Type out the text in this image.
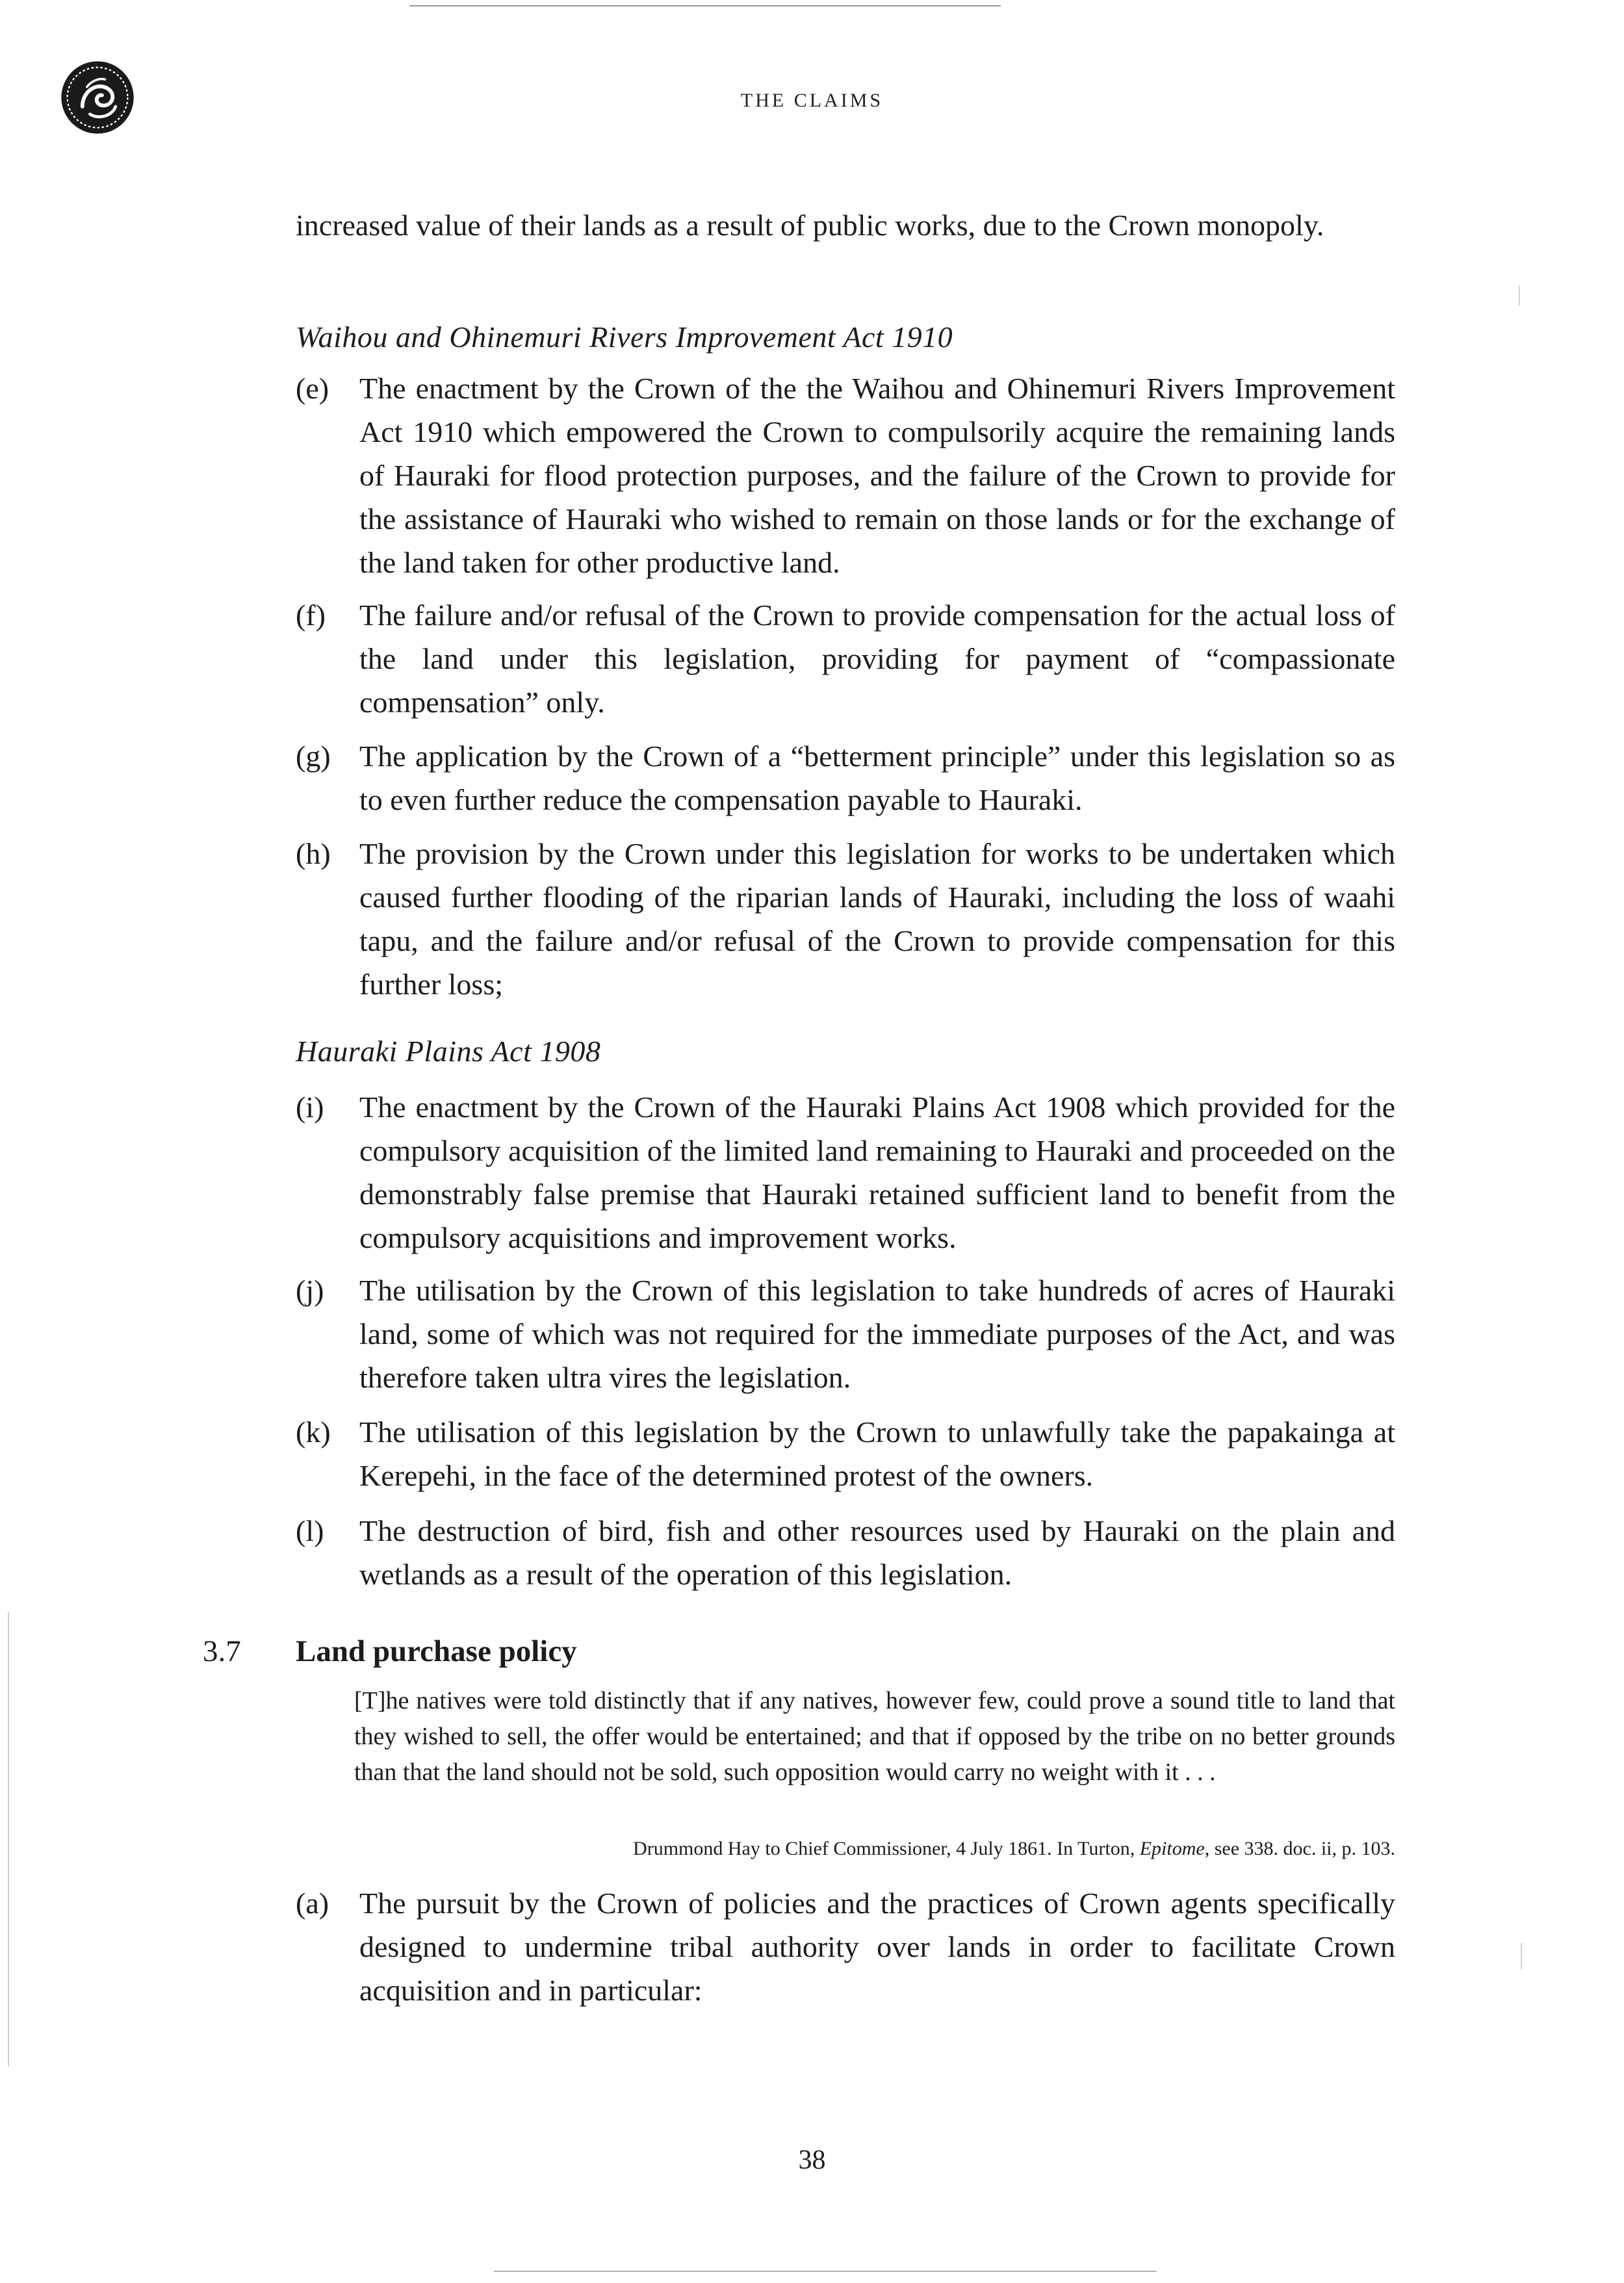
THE CLAIMS
increased value of their lands as a result of public works, due to the Crown monopoly.
Waihou and Ohinemuri Rivers Improvement Act 1910
(e) The enactment by the Crown of the the Waihou and Ohinemuri Rivers Improvement Act 1910 which empowered the Crown to compulsorily acquire the remaining lands of Hauraki for flood protection purposes, and the failure of the Crown to provide for the assistance of Hauraki who wished to remain on those lands or for the exchange of the land taken for other productive land.
(f) The failure and/or refusal of the Crown to provide compensation for the actual loss of the land under this legislation, providing for payment of “compassionate compensation” only.
(g) The application by the Crown of a “betterment principle” under this legislation so as to even further reduce the compensation payable to Hauraki.
(h) The provision by the Crown under this legislation for works to be undertaken which caused further flooding of the riparian lands of Hauraki, including the loss of waahi tapu, and the failure and/or refusal of the Crown to provide compensation for this further loss;
Hauraki Plains Act 1908
(i) The enactment by the Crown of the Hauraki Plains Act 1908 which provided for the compulsory acquisition of the limited land remaining to Hauraki and proceeded on the demonstrably false premise that Hauraki retained sufficient land to benefit from the compulsory acquisitions and improvement works.
(j) The utilisation by the Crown of this legislation to take hundreds of acres of Hauraki land, some of which was not required for the immediate purposes of the Act, and was therefore taken ultra vires the legislation.
(k) The utilisation of this legislation by the Crown to unlawfully take the papakainga at Kerepehi, in the face of the determined protest of the owners.
(l) The destruction of bird, fish and other resources used by Hauraki on the plain and wetlands as a result of the operation of this legislation.
3.7 Land purchase policy
[T]he natives were told distinctly that if any natives, however few, could prove a sound title to land that they wished to sell, the offer would be entertained; and that if opposed by the tribe on no better grounds than that the land should not be sold, such opposition would carry no weight with it . . .
Drummond Hay to Chief Commissioner, 4 July 1861. In Turton, Epitome, see 338. doc. ii, p. 103.
(a) The pursuit by the Crown of policies and the practices of Crown agents specifically designed to undermine tribal authority over lands in order to facilitate Crown acquisition and in particular:
38
